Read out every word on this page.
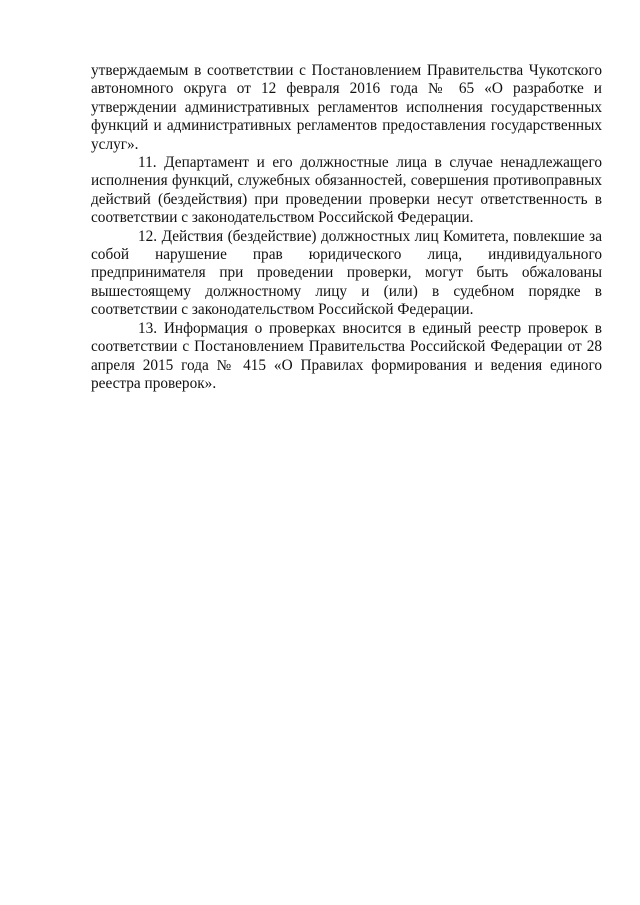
утверждаемым в соответствии с Постановлением Правительства Чукотского автономного округа от 12 февраля 2016 года № 65 «О разработке и утверждении административных регламентов исполнения государственных функций и административных регламентов предоставления государственных услуг».

11. Департамент и его должностные лица в случае ненадлежащего исполнения функций, служебных обязанностей, совершения противоправных действий (бездействия) при проведении проверки несут ответственность в соответствии с законодательством Российской Федерации.

12. Действия (бездействие) должностных лиц Комитета, повлекшие за собой нарушение прав юридического лица, индивидуального предпринимателя при проведении проверки, могут быть обжалованы вышестоящему должностному лицу и (или) в судебном порядке в соответствии с законодательством Российской Федерации.

13. Информация о проверках вносится в единый реестр проверок в соответствии с Постановлением Правительства Российской Федерации от 28 апреля 2015 года № 415 «О Правилах формирования и ведения единого реестра проверок».
